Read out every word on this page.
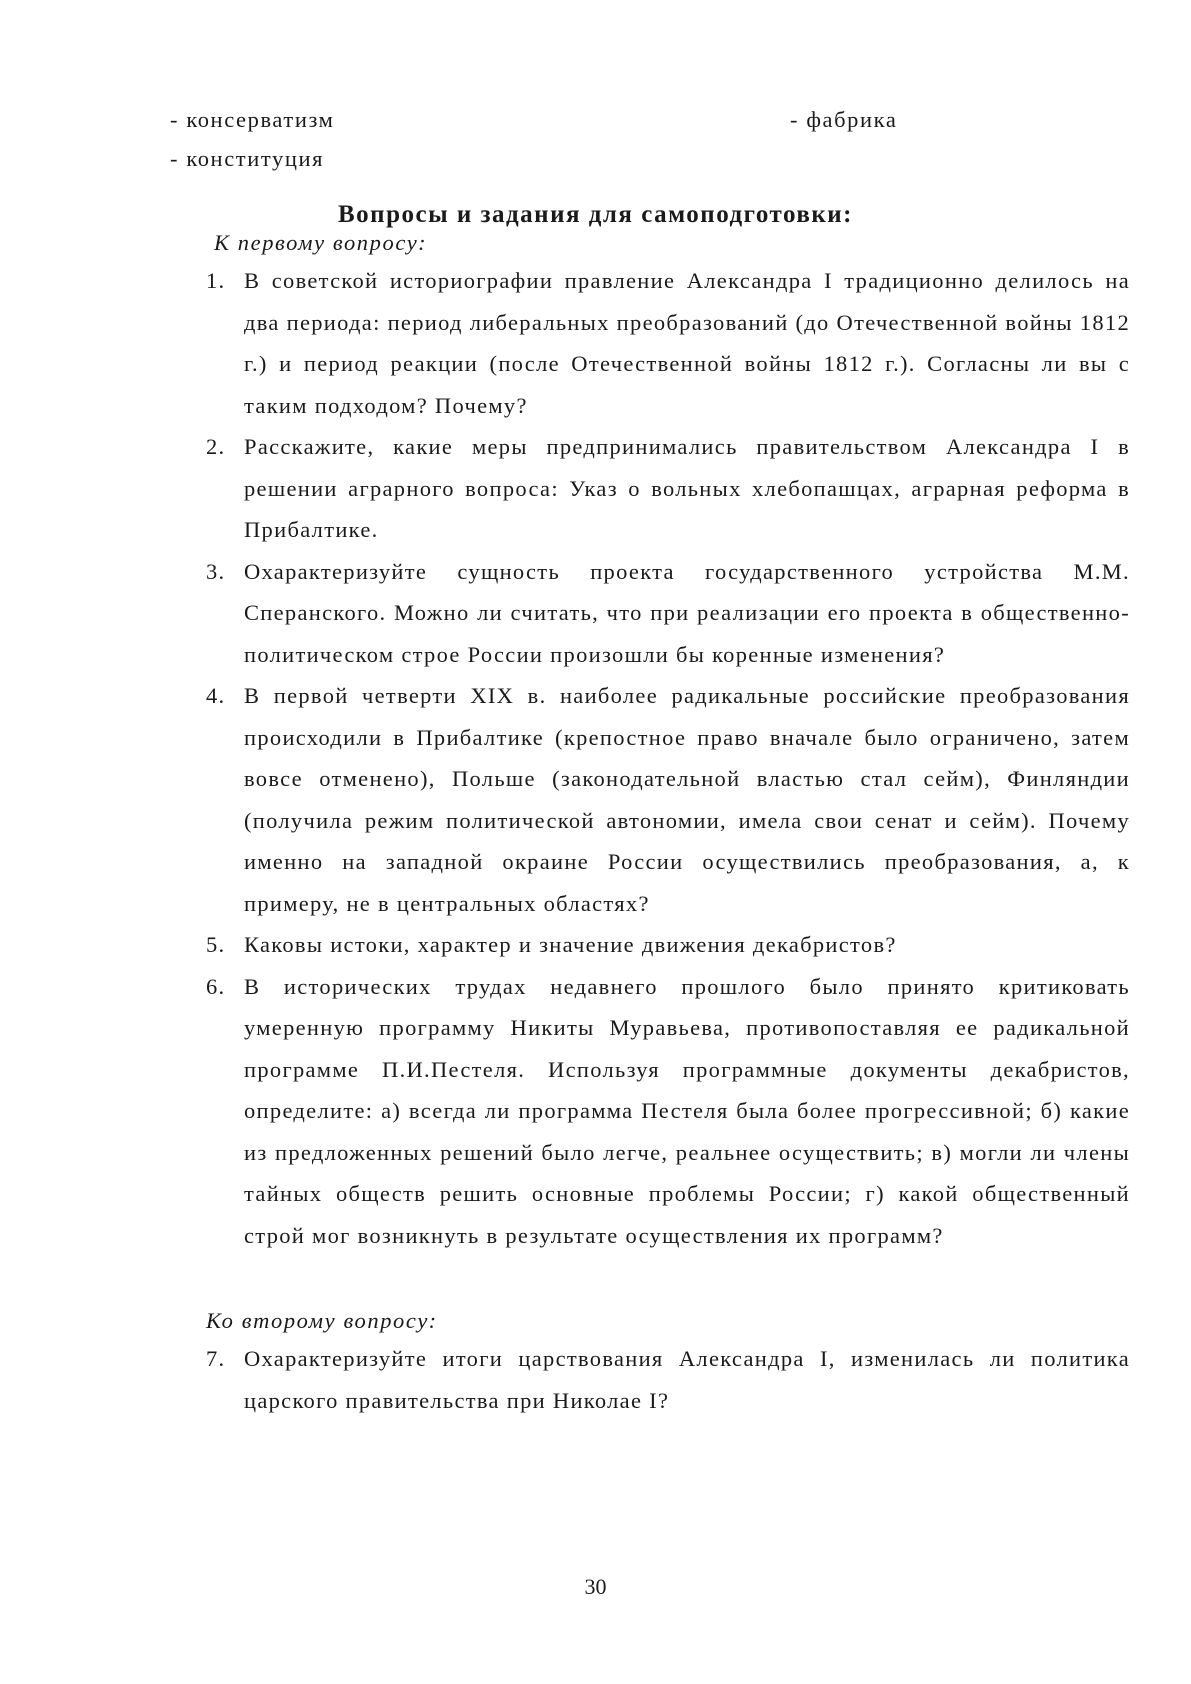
- консерватизм	- фабрика
- конституция
Вопросы и задания для самоподготовки:
К первому вопросу:
1. В советской историографии правление Александра I традиционно делилось на два периода: период либеральных преобразований (до Отечественной войны 1812 г.) и период реакции (после Отечественной войны 1812 г.). Согласны ли вы с таким подходом? Почему?
2. Расскажите, какие меры предпринимались правительством Александра I в решении аграрного вопроса: Указ о вольных хлебопашцах, аграрная реформа в Прибалтике.
3. Охарактеризуйте сущность проекта государственного устройства М.М. Сперанского. Можно ли считать, что при реализации его проекта в общественно-политическом строе России произошли бы коренные изменения?
4. В первой четверти XIX в. наиболее радикальные российские преобразования происходили в Прибалтике (крепостное право вначале было ограничено, затем вовсе отменено), Польше (законодательной властью стал сейм), Финляндии (получила режим политической автономии, имела свои сенат и сейм). Почему именно на западной окраине России осуществились преобразования, а, к примеру, не в центральных областях?
5. Каковы истоки, характер и значение движения декабристов?
6. В исторических трудах недавнего прошлого было принято критиковать умеренную программу Никиты Муравьева, противопоставляя ее радикальной программе П.И.Пестеля. Используя программные документы декабристов, определите: а) всегда ли программа Пестеля была более прогрессивной; б) какие из предложенных решений было легче, реальнее осуществить; в) могли ли члены тайных обществ решить основные проблемы России; г) какой общественный строй мог возникнуть в результате осуществления их программ?
Ко второму вопросу:
7. Охарактеризуйте итоги царствования Александра I, изменилась ли политика царского правительства при Николае I?
30
